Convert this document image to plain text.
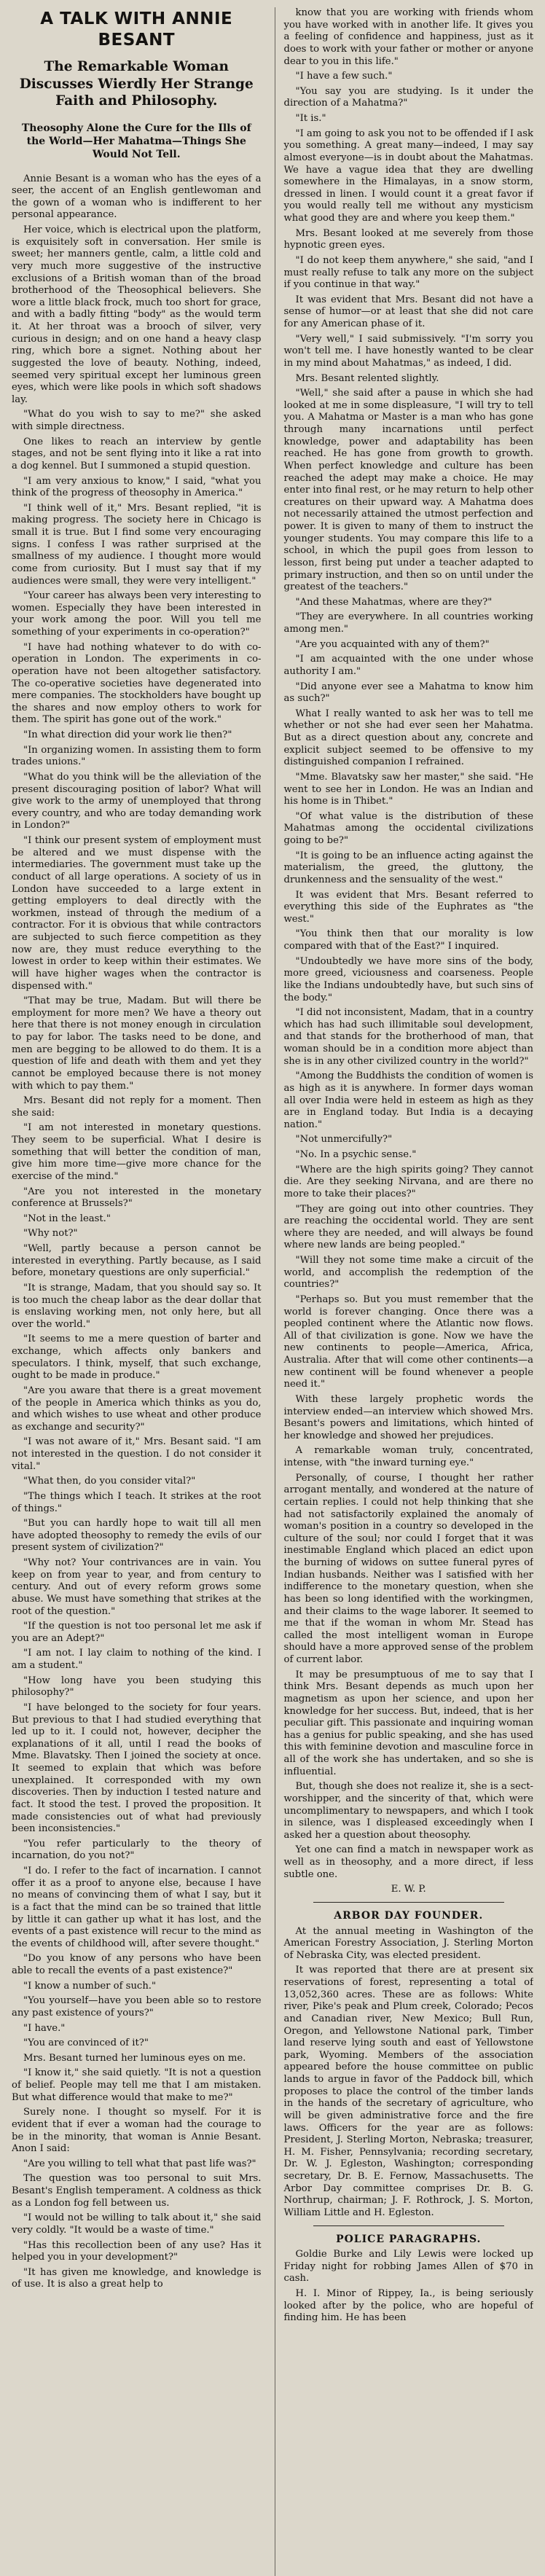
A TALK WITH ANNIE BESANT
The Remarkable Woman Discusses Wierdly Her Strange Faith and Philosophy.
Theosophy Alone the Cure for the Ills of the World—Her Mahatma—Things She Would Not Tell.

Annie Besant is a woman who has the eyes of a seer, the accent of an English gentlewoman and the gown of a woman who is indifferent to her personal appearance.

Her voice, which is electrical upon the platform, is exquisitely soft in conversation. Her smile is sweet; her manners gentle, calm, a little cold and very much more suggestive of the instructive exclusions of a British woman than of the broad brotherhood of the Theosophical believers. She wore a little black frock, much too short for grace, and with a badly fitting "body" as the would term it. At her throat was a brooch of silver, very curious in design; and on one hand a heavy clasp ring, which bore a signet. Nothing about her suggested the love of beauty. Nothing, indeed, seemed very spiritual except her luminous green eyes, which were like pools in which soft shadows lay.

"What do you wish to say to me?" she asked with simple directness.

One likes to reach an interview by gentle stages, and not be sent flying into it like a rat into a dog kennel. But I summoned a stupid question.

"I am very anxious to know," I said, "what you think of the progress of theosophy in America."

"I think well of it," Mrs. Besant replied, "it is making progress. The society here in Chicago is small it is true. But I find some very encouraging signs. I confess I was rather surprised at the smallness of my audience. I thought more would come from curiosity. But I must say that if my audiences were small, they were very intelligent."

"Your career has always been very interesting to women. Especially they have been interested in your work among the poor. Will you tell me something of your experiments in co-operation?"

"I have had nothing whatever to do with co-operation in London. The experiments in co-operation have not been altogether satisfactory. The co-operative societies have degenerated into mere companies. The stockholders have bought up the shares and now employ others to work for them. The spirit has gone out of the work."

"In what direction did your work lie then?"

"In organizing women. In assisting them to form trades unions."

"What do you think will be the alleviation of the present discouraging position of labor? What will give work to the army of unemployed that throng every country, and who are today demanding work in London?"

"I think our present system of employment must be altered and we must dispense with the intermediaries. The government must take up the conduct of all large operations. A society of us in London have succeeded to a large extent in getting employers to deal directly with the workmen, instead of through the medium of a contractor. For it is obvious that while contractors are subjected to such fierce competition as they now are, they must reduce everything to the lowest in order to keep within their estimates. We will have higher wages when the contractor is dispensed with."

"That may be true, Madam. But will there be employment for more men? We have a theory out here that there is not money enough in circulation to pay for labor. The tasks need to be done, and men are begging to be allowed to do them. It is a question of life and death with them and yet they cannot be employed because there is not money with which to pay them."

Mrs. Besant did not reply for a moment. Then she said:

"I am not interested in monetary questions. They seem to be superficial. What I desire is something that will better the condition of man, give him more time—give more chance for the exercise of the mind."

"Are you not interested in the monetary conference at Brussels?"

"Not in the least."

"Why not?"

"Well, partly because a person cannot be interested in everything. Partly because, as I said before, monetary questions are only superficial."

"It is strange, Madam, that you should say so. It is too much the cheap labor as the dear dollar that is enslaving working men, not only here, but all over the world."

"It seems to me a mere question of barter and exchange, which affects only bankers and speculators. I think, myself, that such exchange, ought to be made in produce."

"Are you aware that there is a great movement of the people in America which thinks as you do, and which wishes to use wheat and other produce as exchange and security?"

"I was not aware of it," Mrs. Besant said. "I am not interested in the question. I do not consider it vital."

"What then, do you consider vital?"

"The things which I teach. It strikes at the root of things."

"But you can hardly hope to wait till all men have adopted theosophy to remedy the evils of our present system of civilization?"

"Why not? Your contrivances are in vain. You keep on from year to year, and from century to century. And out of every reform grows some abuse. We must have something that strikes at the root of the question."

"If the question is not too personal let me ask if you are an Adept?"

"I am not. I lay claim to nothing of the kind. I am a student."

"How long have you been studying this philosophy?"

"I have belonged to the society for four years. But previous to that I had studied everything that led up to it. I could not, however, decipher the explanations of it all, until I read the books of Mme. Blavatsky. Then I joined the society at once. It seemed to explain that which was before unexplained. It corresponded with my own discoveries. Then by induction I tested nature and fact. It stood the test. I proved the proposition. It made consistencies out of what had previously been inconsistencies."

"You refer particularly to the theory of incarnation, do you not?"

"I do. I refer to the fact of incarnation. I cannot offer it as a proof to anyone else, because I have no means of convincing them of what I say, but it is a fact that the mind can be so trained that little by little it can gather up what it has lost, and the events of a past existence will recur to the mind as the events of childhood will, after severe thought."

"Do you know of any persons who have been able to recall the events of a past existence?"

"I know a number of such."

"You yourself—have you been able so to restore any past existence of yours?"

"I have."

"You are convinced of it?"

Mrs. Besant turned her luminous eyes on me.

"I know it," she said quietly. "It is not a question of belief. People may tell me that I am mistaken. But what difference would that make to me?"

Surely none. I thought so myself. For it is evident that if ever a woman had the courage to be in the minority, that woman is Annie Besant. Anon I said:

"Are you willing to tell what that past life was?"

The question was too personal to suit Mrs. Besant's English temperament. A coldness as thick as a London fog fell between us.

"I would not be willing to talk about it," she said very coldly. "It would be a waste of time."

"Has this recollection been of any use? Has it helped you in your development?"

"It has given me knowledge, and knowledge is of use. It is also a great help to

know that you are working with friends whom you have worked with in another life. It gives you a feeling of confidence and happiness, just as it does to work with your father or mother or anyone dear to you in this life."

"I have a few such."

"You say you are studying. Is it under the direction of a Mahatma?"

"It is."

"I am going to ask you not to be offended if I ask you something. A great many—indeed, I may say almost everyone—is in doubt about the Mahatmas. We have a vague idea that they are dwelling somewhere in the Himalayas, in a snow storm, dressed in linen. I would count it a great favor if you would really tell me without any mysticism what good they are and where you keep them."

Mrs. Besant looked at me severely from those hypnotic green eyes.

"I do not keep them anywhere," she said, "and I must really refuse to talk any more on the subject if you continue in that way."

It was evident that Mrs. Besant did not have a sense of humor—or at least that she did not care for any American phase of it.

"Very well," I said submissively. "I'm sorry you won't tell me. I have honestly wanted to be clear in my mind about Mahatmas," as indeed, I did.

Mrs. Besant relented slightly.

"Well," she said after a pause in which she had looked at me in some displeasure, "I will try to tell you. A Mahatma or Master is a man who has gone through many incarnations until perfect knowledge, power and adaptability has been reached. He has gone from growth to growth. When perfect knowledge and culture has been reached the adept may make a choice. He may enter into final rest, or he may return to help other creatures on their upward way. A Mahatma does not necessarily attained the utmost perfection and power. It is given to many of them to instruct the younger students. You may compare this life to a school, in which the pupil goes from lesson to lesson, first being put under a teacher adapted to primary instruction, and then so on until under the greatest of the teachers."

"And these Mahatmas, where are they?"

"They are everywhere. In all countries working among men."

"Are you acquainted with any of them?"

"I am acquainted with the one under whose authority I am."

"Did anyone ever see a Mahatma to know him as such?"

What I really wanted to ask her was to tell me whether or not she had ever seen her Mahatma. But as a direct question about any, concrete and explicit subject seemed to be offensive to my distinguished companion I refrained.

"Mme. Blavatsky saw her master," she said. "He went to see her in London. He was an Indian and his home is in Thibet."

"Of what value is the distribution of these Mahatmas among the occidental civilizations going to be?"

"It is going to be an influence acting against the materialism, the greed, the gluttony, the drunkenness and the sensuality of the west."

It was evident that Mrs. Besant referred to everything this side of the Euphrates as "the west."

"You think then that our morality is low compared with that of the East?" I inquired.

"Undoubtedly we have more sins of the body, more greed, viciousness and coarseness. People like the Indians undoubtedly have, but such sins of the body."

"I did not inconsistent, Madam, that in a country which has had such illimitable soul development, and that stands for the brotherhood of man, that woman should be in a condition more abject than she is in any other civilized country in the world?"

"Among the Buddhists the condition of women is as high as it is anywhere. In former days woman all over India were held in esteem as high as they are in England today. But India is a decaying nation."

"Not unmercifully?"

"No. In a psychic sense."

"Where are the high spirits going? They cannot die. Are they seeking Nirvana, and are there no more to take their places?"

"They are going out into other countries. They are reaching the occidental world. They are sent where they are needed, and will always be found where new lands are being peopled."

"Will they not some time make a circuit of the world, and accomplish the redemption of the countries?"

"Perhaps so. But you must remember that the world is forever changing. Once there was a peopled continent where the Atlantic now flows. All of that civilization is gone. Now we have the new continents to people—America, Africa, Australia. After that will come other continents—a new continent will be found whenever a people need it."

With these largely prophetic words the interview ended—an interview which showed Mrs. Besant's powers and limitations, which hinted of her knowledge and showed her prejudices.

A remarkable woman truly, concentrated, intense, with "the inward turning eye."

Personally, of course, I thought her rather arrogant mentally, and wondered at the nature of certain replies. I could not help thinking that she had not satisfactorily explained the anomaly of woman's position in a country so developed in the culture of the soul; nor could I forget that it was inestimable England which placed an edict upon the burning of widows on suttee funeral pyres of Indian husbands. Neither was I satisfied with her indifference to the monetary question, when she has been so long identified with the workingmen, and their claims to the wage laborer. It seemed to me that if the woman in whom Mr. Stead has called the most intelligent woman in Europe should have a more approved sense of the problem of current labor.

It may be presumptuous of me to say that I think Mrs. Besant depends as much upon her magnetism as upon her science, and upon her knowledge for her success. But, indeed, that is her peculiar gift. This passionate and inquiring woman has a genius for public speaking, and she has used this with feminine devotion and masculine force in all of the work she has undertaken, and so she is influential.

But, though she does not realize it, she is a sect-worshipper, and the sincerity of that, which were uncomplimentary to newspapers, and which I took in silence, was I displeased exceedingly when I asked her a question about theosophy.

Yet one can find a match in newspaper work as well as in theosophy, and a more direct, if less subtle one.

E. W. P.
ARBOR DAY FOUNDER.

At the annual meeting in Washington of the American Forestry Association, J. Sterling Morton of Nebraska City, was elected president.

It was reported that there are at present six reservations of forest, representing a total of 13,052,360 acres. These are as follows: White river, Pike's peak and Plum creek, Colorado; Pecos and Canadian river, New Mexico; Bull Run, Oregon, and Yellowstone National park, Timber land reserve lying south and east of Yellowstone park, Wyoming. Members of the association appeared before the house committee on public lands to argue in favor of the Paddock bill, which proposes to place the control of the timber lands in the hands of the secretary of agriculture, who will be given administrative force and the fire laws. Officers for the year are as follows: President, J. Sterling Morton, Nebraska; treasurer, H. M. Fisher, Pennsylvania; recording secretary, Dr. W. J. Egleston, Washington; corresponding secretary, Dr. B. E. Fernow, Massachusetts. The Arbor Day committee comprises Dr. B. G. Northrup, chairman; J. F. Rothrock, J. S. Morton, William Little and H. Egleston.

POLICE PARAGRAPHS.

Goldie Burke and Lily Lewis were locked up Friday night for robbing James Allen of $70 in cash.

H. I. Minor of Rippey, Ia., is being seriously looked after by the police, who are hopeful of finding him. He has been
